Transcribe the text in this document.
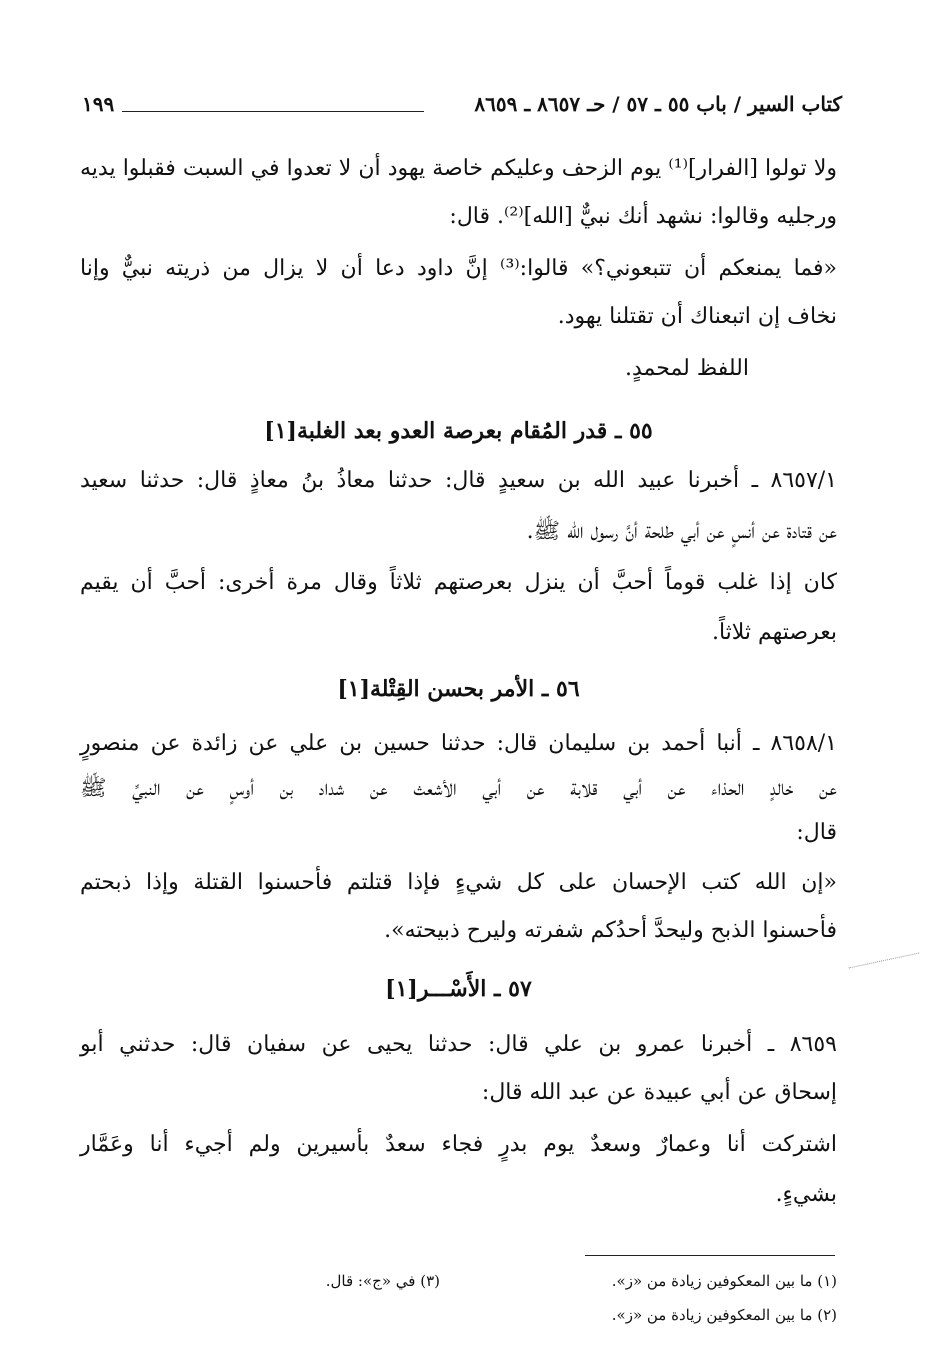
كتاب السير / باب ٥٥ ـ ٥٧ / حـ ٨٦٥٧ ـ ٨٦٥٩
١٩٩
ولا تولوا [الفرار]⁽¹⁾ يوم الزحف وعليكم خاصة يهود أن لا تعدوا في السبت فقبلوا يديه
ورجليه وقالوا: نشهد أنك نبيٌّ [الله]⁽²⁾. قال:
«فما يمنعكم أن تتبعوني؟» قالوا:⁽³⁾ إنَّ داود دعا أن لا يزال من ذريته نبيٌّ وإنا
نخاف إن اتبعناك أن تقتلنا يهود.
اللفظ لمحمدٍ.
٥٥ ـ قدر المُقام بعرصة العدو بعد الغلبة[١]
٨٦٥٧/١ ـ أخبرنا عبيد الله بن سعيدٍ قال: حدثنا معاذُ بنُ معاذٍ قال: حدثنا سعيد
عن قتادة عن أنسٍ عن أبي طلحة أنَّ رسول الله ﷺ.
كان إذا غلب قوماً أحبَّ أن ينزل بعرصتهم ثلاثاً وقال مرة أخرى: أحبَّ أن يقيم
بعرصتهم ثلاثاً.
٥٦ ـ الأمر بحسن القِتْلة[١]
٨٦٥٨/١ ـ أنبا أحمد بن سليمان قال: حدثنا حسين بن علي عن زائدة عن منصورٍ
عن خالدٍ الحذاء عن أبي قلابة عن أبي الأشعث عن شداد بن أوسٍ عن النبيِّ ﷺ
قال:
«إن الله كتب الإحسان على كل شيءٍ فإذا قتلتم فأحسنوا القتلة وإذا ذبحتم
فأحسنوا الذبح وليحدَّ أحدُكم شفرته وليرح ذبيحته».
٥٧ ـ الأَسْـــر[١]
٨٦٥٩ ـ أخبرنا عمرو بن علي قال: حدثنا يحيى عن سفيان قال: حدثني أبو
إسحاق عن أبي عبيدة عن عبد الله قال:
اشتركت أنا وعمارٌ وسعدٌ يوم بدرٍ فجاء سعدٌ بأسيرين ولم أجيء أنا وعَمَّار
بشيءٍ.
(١) ما بين المعكوفين زيادة من «ز».
(٢) ما بين المعكوفين زيادة من «ز».
(٣) في «ج»: قال.
